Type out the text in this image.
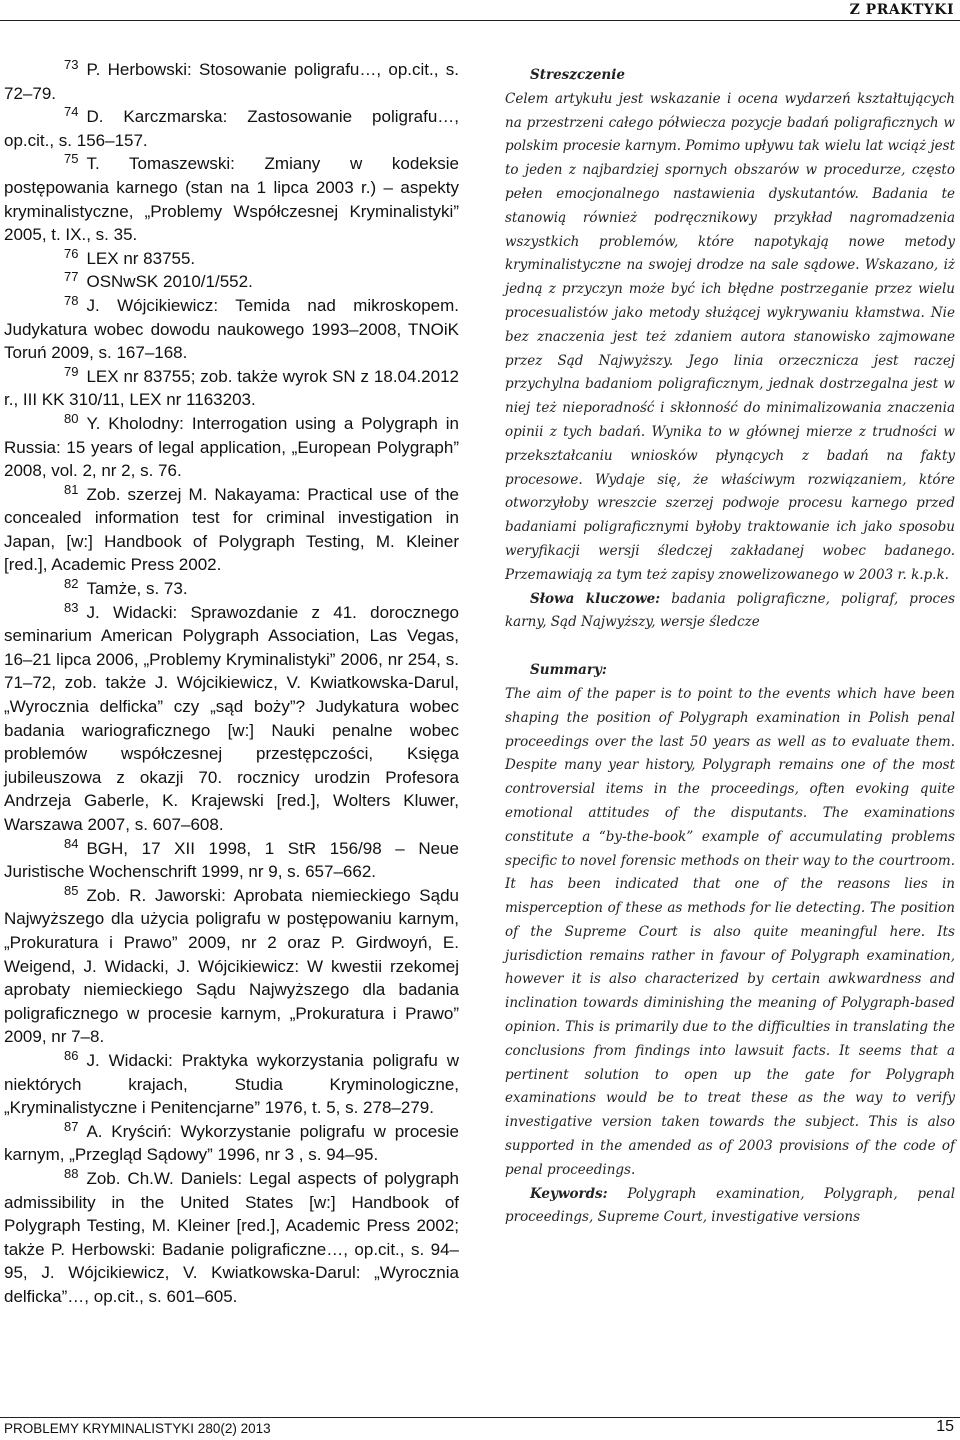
Z PRAKTYKI

73 P. Herbowski: Stosowanie poligrafu…, op.cit., s. 72–79.

74 D. Karczmarska: Zastosowanie poligrafu…, op.cit., s. 156–157.

75 T. Tomaszewski: Zmiany w kodeksie postępowania karnego (stan na 1 lipca 2003 r.) – aspekty kryminalistyczne, „Problemy Współczesnej Kryminalistyki” 2005, t. IX., s. 35.

76 LEX nr 83755.

77 OSNwSK 2010/1/552.

78 J. Wójcikiewicz: Temida nad mikroskopem. Judykatura wobec dowodu naukowego 1993–2008, TNOiK Toruń 2009, s. 167–168.

79 LEX nr 83755; zob. także wyrok SN z 18.04.2012 r., III KK 310/11, LEX nr 1163203.

80 Y. Kholodny: Interrogation using a Polygraph in Russia: 15 years of legal application, „European Polygraph” 2008, vol. 2, nr 2, s. 76.

81 Zob. szerzej M. Nakayama: Practical use of the concealed information test for criminal investigation in Japan, [w:] Handbook of Polygraph Testing, M. Kleiner [red.], Academic Press 2002.

82 Tamże, s. 73.

83 J. Widacki: Sprawozdanie z 41. dorocznego seminarium American Polygraph Association, Las Vegas, 16–21 lipca 2006, „Problemy Kryminalistyki” 2006, nr 254, s. 71–72, zob. także J. Wójcikiewicz, V. Kwiatkowska-Darul, „Wyrocznia delficka” czy „sąd boży”? Judykatura wobec badania wariograficznego [w:] Nauki penalne wobec problemów współczesnej przestępczości, Księga jubileuszowa z okazji 70. rocznicy urodzin Profesora Andrzeja Gaberle, K. Krajewski [red.], Wolters Kluwer, Warszawa 2007, s. 607–608.

84 BGH, 17 XII 1998, 1 StR 156/98 – Neue Juristische Wochenschrift 1999, nr 9, s. 657–662.

85 Zob. R. Jaworski: Aprobata niemieckiego Sądu Najwyższego dla użycia poligrafu w postępowaniu karnym, „Prokuratura i Prawo” 2009, nr 2 oraz P. Girdwoyń, E. Weigend, J. Widacki, J. Wójcikiewicz: W kwestii rzekomej aprobaty niemieckiego Sądu Najwyższego dla badania poligraficznego w procesie karnym, „Prokuratura i Prawo” 2009, nr 7–8.

86 J. Widacki: Praktyka wykorzystania poligrafu w niektórych krajach, Studia Kryminologiczne, „Kryminalistyczne i Penitencjarne” 1976, t. 5, s. 278–279.

87 A. Kryściń: Wykorzystanie poligrafu w procesie karnym, „Przegląd Sądowy” 1996, nr 3 , s. 94–95.

88 Zob. Ch.W. Daniels: Legal aspects of polygraph admissibility in the United States [w:] Handbook of Polygraph Testing, M. Kleiner [red.], Academic Press 2002; także P. Herbowski: Badanie poligraficzne…, op.cit., s. 94–95, J. Wójcikiewicz, V. Kwiatkowska-Darul: „Wyrocznia delficka”…, op.cit., s. 601–605.

Streszczenie

Celem artykułu jest wskazanie i ocena wydarzeń kształtujących na przestrzeni całego półwiecza pozycje badań poligraficznych w polskim procesie karnym. Pomimo upływu tak wielu lat wciąż jest to jeden z najbardziej spornych obszarów w procedurze, często pełen emocjonalnego nastawienia dyskutantów. Badania te stanowią również podręcznikowy przykład nagromadzenia wszystkich problemów, które napotykają nowe metody kryminalistyczne na swojej drodze na sale sądowe. Wskazano, iż jedną z przyczyn może być ich błędne postrzeganie przez wielu procesualistów jako metody służącej wykrywaniu kłamstwa. Nie bez znaczenia jest też zdaniem autora stanowisko zajmowane przez Sąd Najwyższy. Jego linia orzecznicza jest raczej przychylna badaniom poligraficznym, jednak dostrzegalna jest w niej też nieporadność i skłonność do minimalizowania znaczenia opinii z tych badań. Wynika to w głównej mierze z trudności w przekształcaniu wniosków płynących z badań na fakty procesowe. Wydaje się, że właściwym rozwiązaniem, które otworzyłoby wreszcie szerzej podwoje procesu karnego przed badaniami poligraficznymi byłoby traktowanie ich jako sposobu weryfikacji wersji śledczej zakładanej wobec badanego. Przemawiają za tym też zapisy znowelizowanego w 2003 r. k.p.k.

Słowa kluczowe: badania poligraficzne, poligraf, proces karny, Sąd Najwyższy, wersje śledcze

Summary:

The aim of the paper is to point to the events which have been shaping the position of Polygraph examination in Polish penal proceedings over the last 50 years as well as to evaluate them. Despite many year history, Polygraph remains one of the most controversial items in the proceedings, often evoking quite emotional attitudes of the disputants. The examinations constitute a “by-the-book” example of accumulating problems specific to novel forensic methods on their way to the courtroom. It has been indicated that one of the reasons lies in misperception of these as methods for lie detecting. The position of the Supreme Court is also quite meaningful here. Its jurisdiction remains rather in favour of Polygraph examination, however it is also characterized by certain awkwardness and inclination towards diminishing the meaning of Polygraph-based opinion. This is primarily due to the difficulties in translating the conclusions from findings into lawsuit facts. It seems that a pertinent solution to open up the gate for Polygraph examinations would be to treat these as the way to verify investigative version taken towards the subject. This is also supported in the amended as of 2003 provisions of the code of penal proceedings.

Keywords: Polygraph examination, Polygraph, penal proceedings, Supreme Court, investigative versions

PROBLEMY KRYMINALISTYKI 280(2) 2013	15
